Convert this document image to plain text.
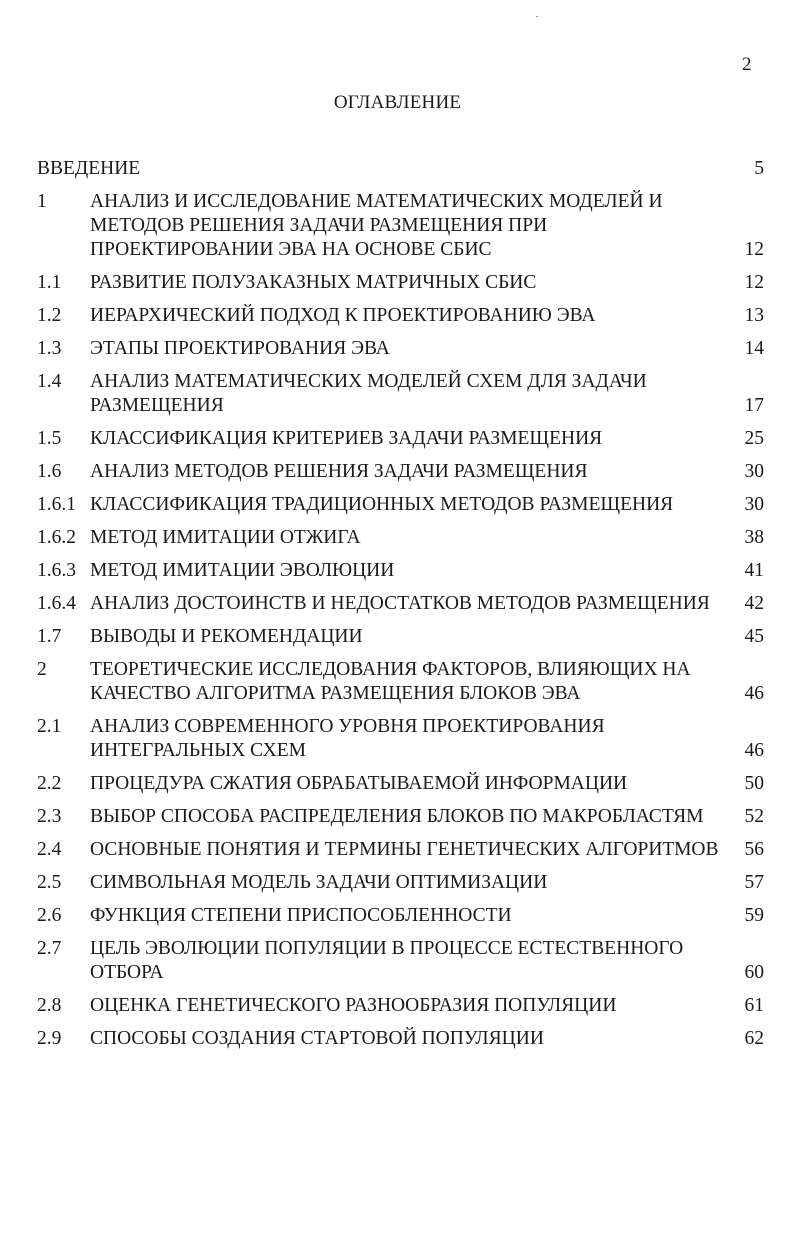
2
ОГЛАВЛЕНИЕ
ВВЕДЕНИЕ	5
1	АНАЛИЗ И ИССЛЕДОВАНИЕ МАТЕМАТИЧЕСКИХ МОДЕЛЕЙ И МЕТОДОВ РЕШЕНИЯ ЗАДАЧИ РАЗМЕЩЕНИЯ ПРИ ПРОЕКТИРОВАНИИ ЭВА НА ОСНОВЕ СБИС	12
1.1	РАЗВИТИЕ ПОЛУЗАКАЗНЫХ МАТРИЧНЫХ СБИС	12
1.2	ИЕРАРХИЧЕСКИЙ ПОДХОД К ПРОЕКТИРОВАНИЮ ЭВА	13
1.3	ЭТАПЫ ПРОЕКТИРОВАНИЯ ЭВА	14
1.4	АНАЛИЗ МАТЕМАТИЧЕСКИХ МОДЕЛЕЙ СХЕМ ДЛЯ ЗАДАЧИ РАЗМЕЩЕНИЯ	17
1.5	КЛАССИФИКАЦИЯ КРИТЕРИЕВ ЗАДАЧИ РАЗМЕЩЕНИЯ	25
1.6	АНАЛИЗ МЕТОДОВ РЕШЕНИЯ ЗАДАЧИ РАЗМЕЩЕНИЯ	30
1.6.1 КЛАССИФИКАЦИЯ ТРАДИЦИОННЫХ МЕТОДОВ РАЗМЕЩЕНИЯ	30
1.6.2 МЕТОД ИМИТАЦИИ ОТЖИГА	38
1.6.3 МЕТОД ИМИТАЦИИ ЭВОЛЮЦИИ	41
1.6.4 АНАЛИЗ ДОСТОИНСТВ И НЕДОСТАТКОВ МЕТОДОВ РАЗМЕЩЕНИЯ	42
1.7	ВЫВОДЫ И РЕКОМЕНДАЦИИ	45
2	ТЕОРЕТИЧЕСКИЕ ИССЛЕДОВАНИЯ ФАКТОРОВ, ВЛИЯЮЩИХ НА КАЧЕСТВО АЛГОРИТМА РАЗМЕЩЕНИЯ БЛОКОВ ЭВА	46
2.1	АНАЛИЗ СОВРЕМЕННОГО УРОВНЯ ПРОЕКТИРОВАНИЯ ИНТЕГРАЛЬНЫХ СХЕМ	46
2.2	ПРОЦЕДУРА СЖАТИЯ ОБРАБАТЫВАЕМОЙ ИНФОРМАЦИИ	50
2.3	ВЫБОР СПОСОБА РАСПРЕДЕЛЕНИЯ БЛОКОВ ПО МАКРОБЛАСТЯМ	52
2.4	ОСНОВНЫЕ ПОНЯТИЯ И ТЕРМИНЫ ГЕНЕТИЧЕСКИХ АЛГОРИТМОВ	56
2.5	СИМВОЛЬНАЯ МОДЕЛЬ ЗАДАЧИ ОПТИМИЗАЦИИ	57
2.6	ФУНКЦИЯ СТЕПЕНИ ПРИСПОСОБЛЕННОСТИ	59
2.7	ЦЕЛЬ ЭВОЛЮЦИИ ПОПУЛЯЦИИ В ПРОЦЕССЕ ЕСТЕСТВЕННОГО ОТБОРА	60
2.8	ОЦЕНКА ГЕНЕТИЧЕСКОГО РАЗНООБРАЗИЯ ПОПУЛЯЦИИ	61
2.9	СПОСОБЫ СОЗДАНИЯ СТАРТОВОЙ ПОПУЛЯЦИИ	62
